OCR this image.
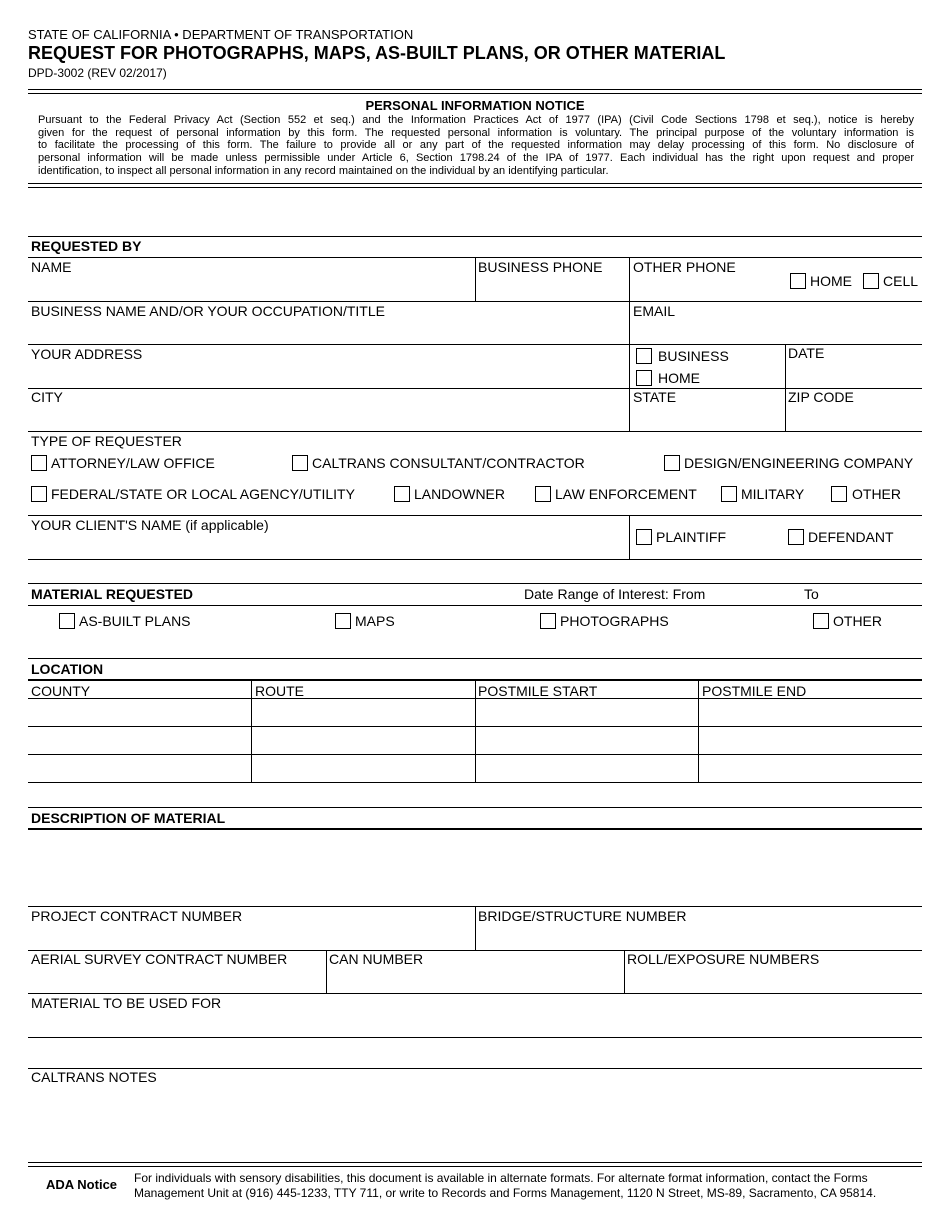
STATE OF CALIFORNIA • DEPARTMENT OF TRANSPORTATION
REQUEST FOR PHOTOGRAPHS, MAPS, AS-BUILT PLANS, OR OTHER MATERIAL
DPD-3002 (REV 02/2017)
PERSONAL INFORMATION NOTICE
Pursuant to the Federal Privacy Act (Section 552 et seq.) and the Information Practices Act of 1977 (IPA) (Civil Code Sections 1798 et seq.), notice is hereby
given for the request of personal information by this form. The requested personal information is voluntary. The principal purpose of the voluntary information is
to facilitate the processing of this form. The failure to provide all or any part of the requested information may delay processing of this form. No disclosure of
personal information will be made unless permissible under Article 6, Section 1798.24 of the IPA of 1977. Each individual has the right upon request and proper
identification, to inspect all personal information in any record maintained on the individual by an identifying particular.
REQUESTED BY
NAME	BUSINESS PHONE OTHER PHONE
HOME CELL
BUSINESS NAME AND/OR YOUR OCCUPATION/TITLE	EMAIL
YOUR ADDRESS	BUSINESS
HOME
DATE
CITY	STATE	ZIP CODE
TYPE OF REQUESTER
ATTORNEY/LAW OFFICE	CALTRANS CONSULTANT/CONTRACTOR	DESIGN/ENGINEERING COMPANY
FEDERAL/STATE OR LOCAL AGENCY/UTILITY	LANDOWNER	LAW ENFORCEMENT	MILITARY	OTHER
YOUR CLIENT'S NAME (if applicable)
PLAINTIFF	DEFENDANT
MATERIAL REQUESTED	Date Range of Interest: From	To
AS-BUILT PLANS	MAPS	PHOTOGRAPHS	OTHER
LOCATION
COUNTY	ROUTE	POSTMILE START	POSTMILE END
DESCRIPTION OF MATERIAL
PROJECT CONTRACT NUMBER	BRIDGE/STRUCTURE NUMBER
AERIAL SURVEY CONTRACT NUMBER	CAN NUMBER	ROLL/EXPOSURE NUMBERS
MATERIAL TO BE USED FOR
CALTRANS NOTES
ADA Notice For individuals with sensory disabilities, this document is available in alternate formats. For alternate format information, contact the Forms
Management Unit at (916) 445-1233, TTY 711, or write to Records and Forms Management, 1120 N Street, MS-89, Sacramento, CA 95814.
